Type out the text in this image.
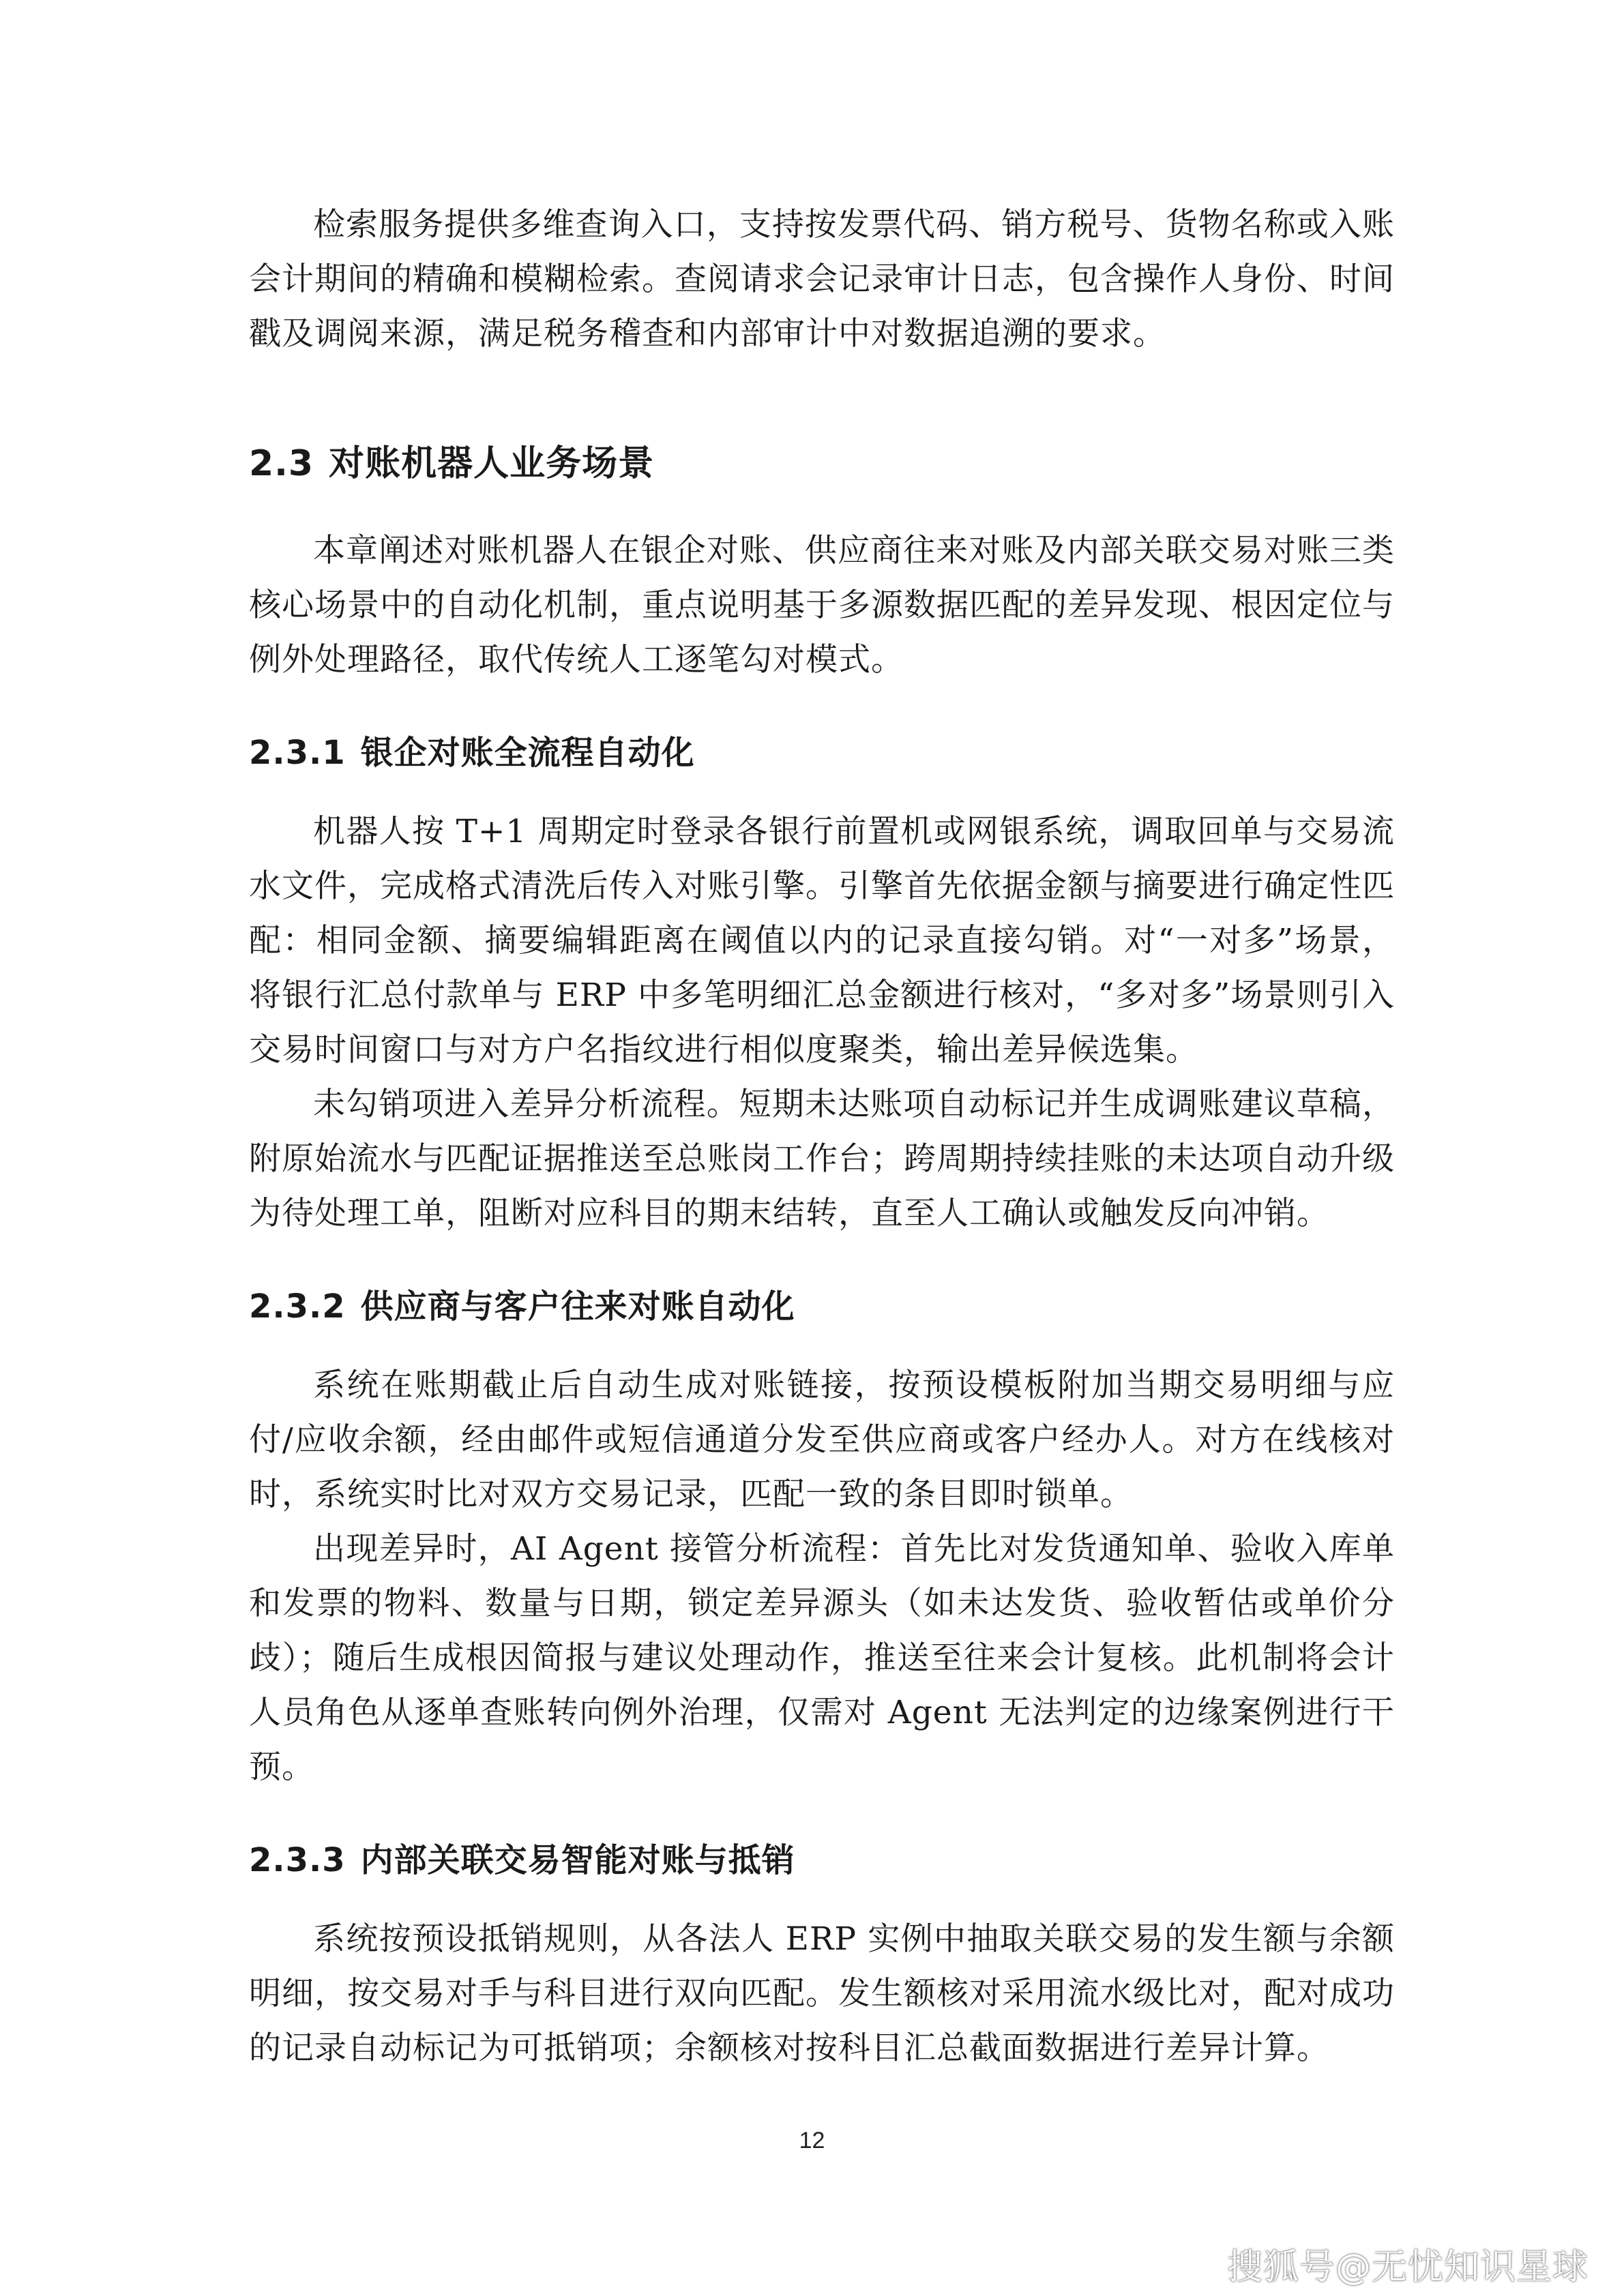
检索服务提供多维查询入口，支持按发票代码、销方税号、货物名称或入账会计期间的精确和模糊检索。查阅请求会记录审计日志，包含操作人身份、时间戳及调阅来源，满足税务稽查和内部审计中对数据追溯的要求。

2.3 对账机器人业务场景

本章阐述对账机器人在银企对账、供应商往来对账及内部关联交易对账三类核心场景中的自动化机制，重点说明基于多源数据匹配的差异发现、根因定位与例外处理路径，取代传统人工逐笔勾对模式。

2.3.1 银企对账全流程自动化

机器人按 T+1 周期定时登录各银行前置机或网银系统，调取回单与交易流水文件，完成格式清洗后传入对账引擎。引擎首先依据金额与摘要进行确定性匹配：相同金额、摘要编辑距离在阈值以内的记录直接勾销。对“一对多”场景，将银行汇总付款单与 ERP 中多笔明细汇总金额进行核对，“多对多”场景则引入交易时间窗口与对方户名指纹进行相似度聚类，输出差异候选集。

未勾销项进入差异分析流程。短期未达账项自动标记并生成调账建议草稿，附原始流水与匹配证据推送至总账岗工作台；跨周期持续挂账的未达项自动升级为待处理工单，阻断对应科目的期末结转，直至人工确认或触发反向冲销。

2.3.2 供应商与客户往来对账自动化

系统在账期截止后自动生成对账链接，按预设模板附加当期交易明细与应付/应收余额，经由邮件或短信通道分发至供应商或客户经办人。对方在线核对时，系统实时比对双方交易记录，匹配一致的条目即时锁单。

出现差异时，AI Agent 接管分析流程：首先比对发货通知单、验收入库单和发票的物料、数量与日期，锁定差异源头（如未达发货、验收暂估或单价分歧）；随后生成根因简报与建议处理动作，推送至往来会计复核。此机制将会计人员角色从逐单查账转向例外治理，仅需对 Agent 无法判定的边缘案例进行干预。

2.3.3 内部关联交易智能对账与抵销

系统按预设抵销规则，从各法人 ERP 实例中抽取关联交易的发生额与余额明细，按交易对手与科目进行双向匹配。发生额核对采用流水级比对，配对成功的记录自动标记为可抵销项；余额核对按科目汇总截面数据进行差异计算。

12
搜狐号@无忧知识星球
